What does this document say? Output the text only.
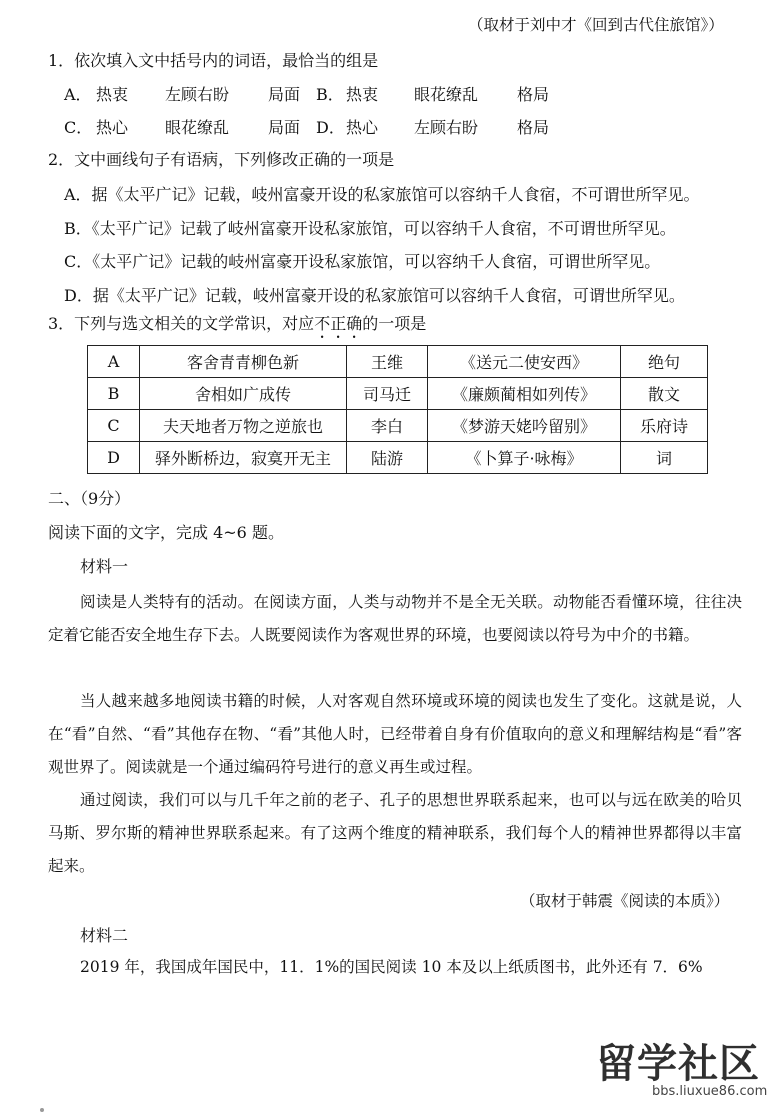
（取材于刘中才《回到古代住旅馆》）
1．依次填入文中括号内的词语，最恰当的组是
A． 热衷 左顾右盼 局面 B． 热衷 眼花缭乱 格局
C． 热心 眼花缭乱 局面 D． 热心 左顾右盼 格局
2．文中画线句子有语病，下列修改正确的一项是
A．据《太平广记》记载，岐州富豪开设的私家旅馆可以容纳千人食宿，不可谓世所罕见。
B．《太平广记》记载了岐州富豪开设私家旅馆，可以容纳千人食宿，不可谓世所罕见。
C．《太平广记》记载的岐州富豪开设私家旅馆，可以容纳千人食宿，可谓世所罕见。
D．据《太平广记》记载，岐州富豪开设的私家旅馆可以容纳千人食宿，可谓世所罕见。
3．下列与选文相关的文学常识，对应不正确的一项是
A	客舍青青柳色新	王维	《送元二使安西》	绝句
B	舍相如广成传	司马迁	《廉颇蔺相如列传》	散文
C	夫天地者万物之逆旅也	李白	《梦游天姥吟留别》	乐府诗
D	驿外断桥边，寂寞开无主	陆游	《卜算子·咏梅》	词
二、（9分）
阅读下面的文字，完成 4~6 题。
材料一
阅读是人类特有的活动。在阅读方面，人类与动物并不是全无关联。动物能否看懂环境，往往决定着它能否安全地生存下去。人既要阅读作为客观世界的环境，也要阅读以符号为中介的书籍。
当人越来越多地阅读书籍的时候，人对客观自然环境或环境的阅读也发生了变化。这就是说，人在“看”自然、“看”其他存在物、“看”其他人时，已经带着自身有价值取向的意义和理解结构是“看”客观世界了。阅读就是一个通过编码符号进行的意义再生或过程。
通过阅读，我们可以与几千年之前的老子、孔子的思想世界联系起来，也可以与远在欧美的哈贝马斯、罗尔斯的精神世界联系起来。有了这两个维度的精神联系，我们每个人的精神世界都得以丰富起来。
（取材于韩震《阅读的本质》）
材料二
2019 年，我国成年国民中，11．1%的国民阅读 10 本及以上纸质图书，此外还有 7．6%
留学社区
bbs.liuxue86.com
